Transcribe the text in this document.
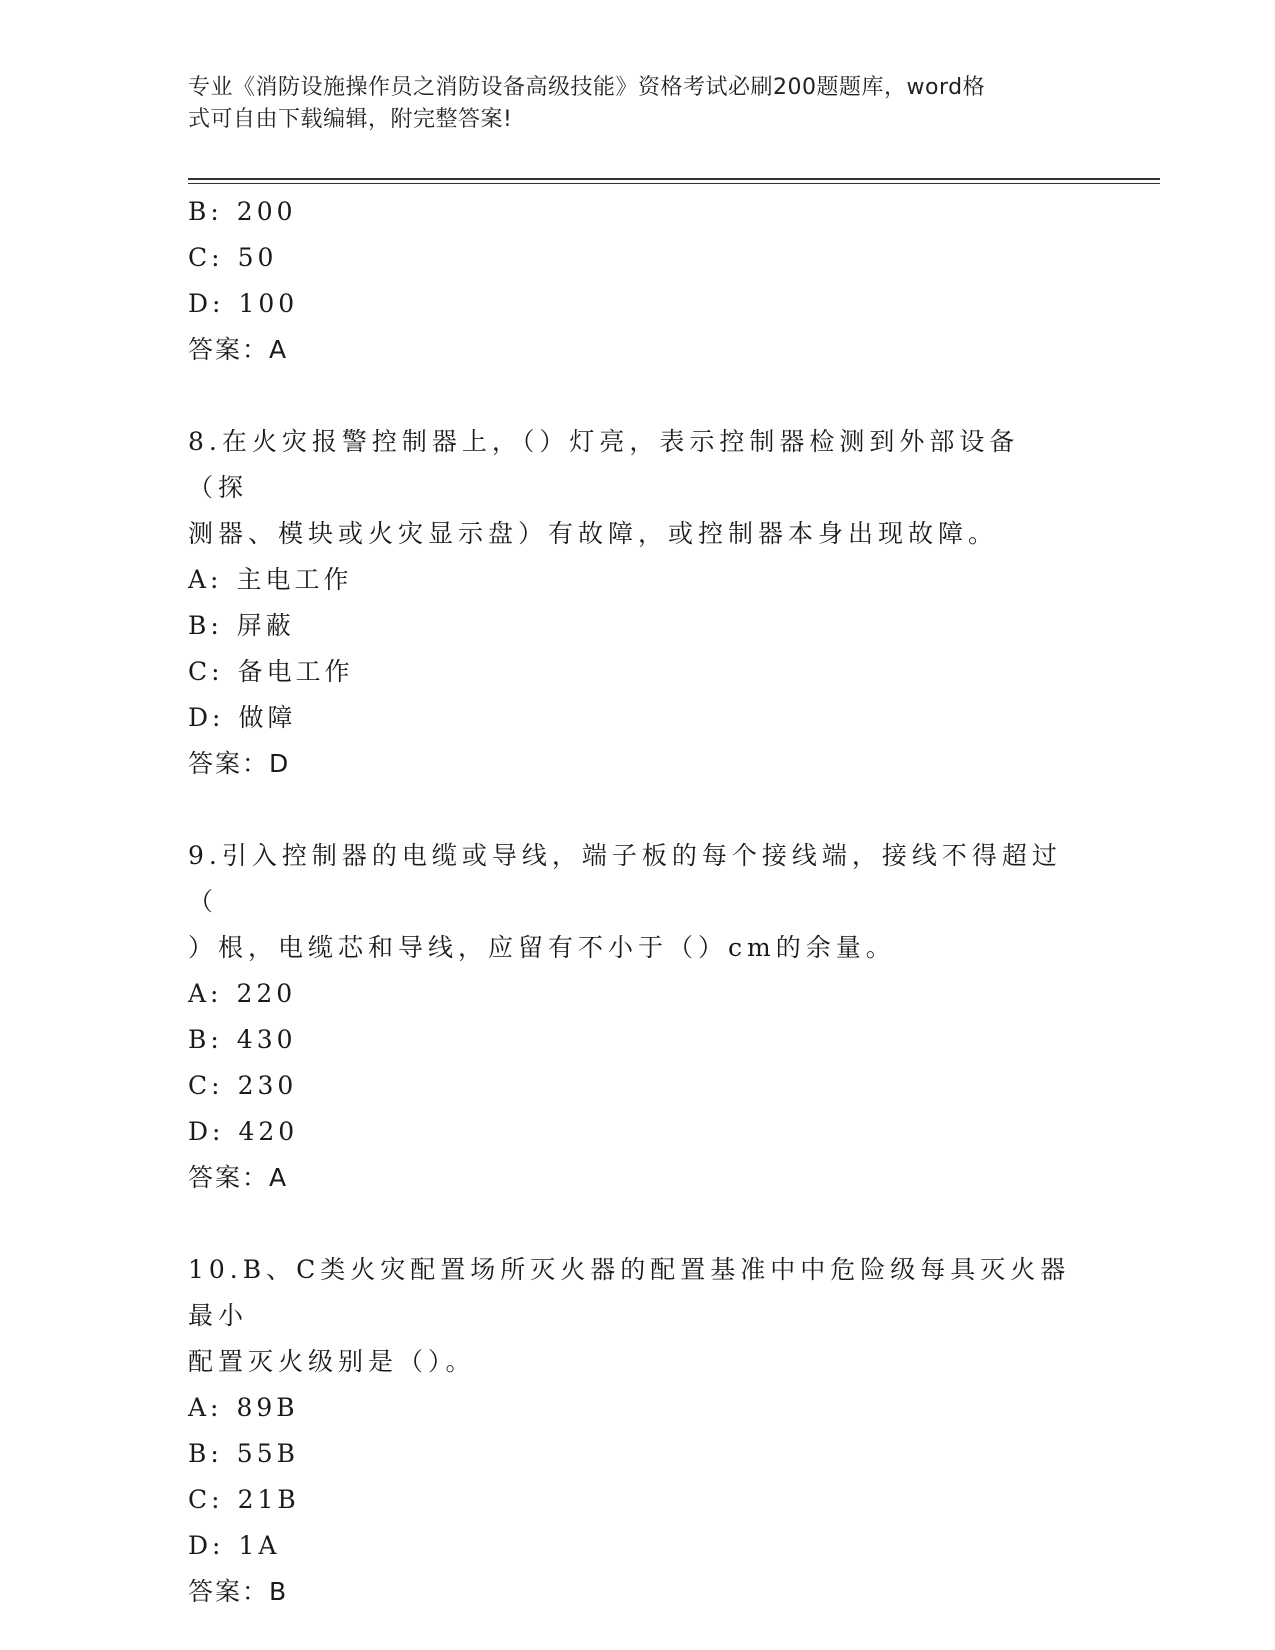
专业《消防设施操作员之消防设备高级技能》资格考试必刷200题题库，word格
式可自由下载编辑，附完整答案!
B: 200
C: 50
D: 100
答案：A
8.在火灾报警控制器上，（）灯亮，表示控制器检测到外部设备（探
测器、模块或火灾显示盘）有故障，或控制器本身出现故障。
A: 主电工作
B: 屏蔽
C: 备电工作
D: 做障
答案：D
9.引入控制器的电缆或导线，端子板的每个接线端，接线不得超过（
）根，电缆芯和导线，应留有不小于（）cm的余量。
A: 220
B: 430
C: 230
D: 420
答案：A
10.B、C类火灾配置场所灭火器的配置基准中中危险级每具灭火器最小
配置灭火级别是（）。
A: 89B
B: 55B
C: 21B
D: 1A
答案：B
